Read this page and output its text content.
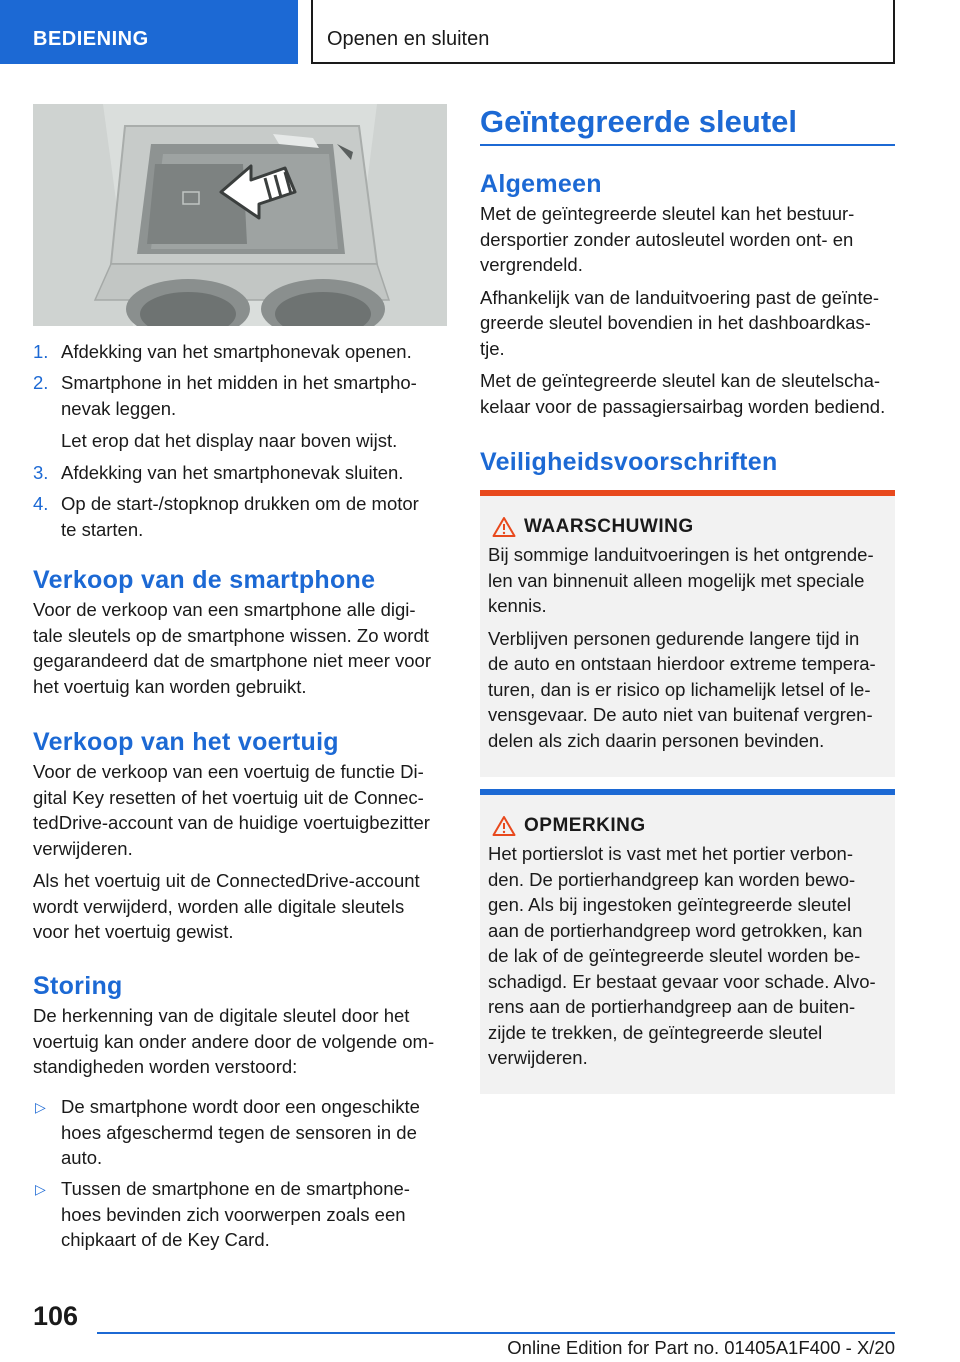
BEDIENING	Openen en sluiten
1. Afdekking van het smartphonevak openen.

2. Smartphone in het midden in het smartpho-

nevak leggen.

Let erop dat het display naar boven wijst.

3. Afdekking van het smartphonevak sluiten.

4. Op de start-/stopknop drukken om de motor

te starten.

Verkoop van de smartphone

Voor de verkoop van een smartphone alle digi-

tale sleutels op de smartphone wissen. Zo wordt

gegarandeerd dat de smartphone niet meer voor

het voertuig kan worden gebruikt.

Verkoop van het voertuig

Voor de verkoop van een voertuig de functie Di-

gital Key resetten of het voertuig uit de Connec-

tedDrive-account van de huidige voertuigbezitter

verwijderen.

Als het voertuig uit de ConnectedDrive-account

wordt verwijderd, worden alle digitale sleutels

voor het voertuig gewist.

Storing

De herkenning van de digitale sleutel door het

voertuig kan onder andere door de volgende om-

standigheden worden verstoord:

▷ De smartphone wordt door een ongeschikte

hoes afgeschermd tegen de sensoren in de

auto.

▷ Tussen de smartphone en de smartphone-

hoes bevinden zich voorwerpen zoals een

chipkaart of de Key Card.

Geïntegreerde sleutel
Algemeen

Met de geïntegreerde sleutel kan het bestuur-

dersportier zonder autosleutel worden ont- en

vergrendeld.

Afhankelijk van de landuitvoering past de geïnte-

greerde sleutel bovendien in het dashboardkas-

tje.

Met de geïntegreerde sleutel kan de sleutelscha-

kelaar voor de passagiersairbag worden bediend.

Veiligheidsvoorschriften
WAARSCHUWING

Bij sommige landuitvoeringen is het ontgrende-

len van binnenuit alleen mogelijk met speciale

kennis.

Verblijven personen gedurende langere tijd in

de auto en ontstaan hierdoor extreme tempera-

turen, dan is er risico op lichamelijk letsel of le-

vensgevaar. De auto niet van buitenaf vergren-

delen als zich daarin personen bevinden.

OPMERKING

Het portierslot is vast met het portier verbon-

den. De portierhandgreep kan worden bewo-

gen. Als bij ingestoken geïntegreerde sleutel

aan de portierhandgreep word getrokken, kan

de lak of de geïntegreerde sleutel worden be-

schadigd. Er bestaat gevaar voor schade. Alvo-

rens aan de portierhandgreep aan de buiten-

zijde te trekken, de geïntegreerde sleutel

verwijderen.

106
Online Edition for Part no. 01405A1F400 - X/20
